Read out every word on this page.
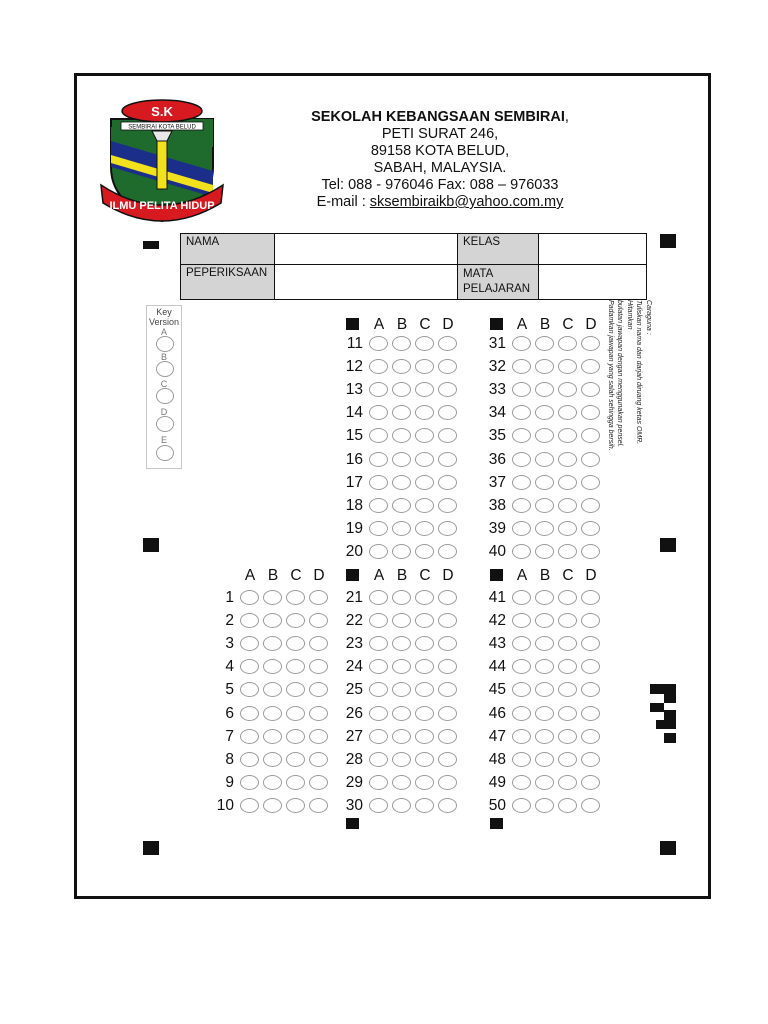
S.K
SEMBIRAI KOTA BELUD
ILMU PELITA HIDUP
SEKOLAH KEBANGSAAN SEMBIRAI,
PETI SURAT 246,
89158 KOTA BELUD,
SABAH, MALAYSIA.
Tel: 088 - 976046 Fax: 088 – 976033
E-mail : sksembiraikb@yahoo.com.my
NAMA		KELAS	
PEPERIKSAAN		MATA
PELAJARAN	

Key
Version
A
B
C
D
E
Caraguna :
Tuliskan nama dan darjah diruang ketas OMR. Hitamkan
bulatan jawapan dengan menggunakan pensel.
Padamkan jawapan yang salah sehingga bersih.
A B C D
1
2
3
4
5
6
7
8
9
10
A B C D
11
12
13
14
15
16
17
18
19
20
A B C D
21
22
23
24
25
26
27
28
29
30
A B C D
31
32
33
34
35
36
37
38
39
40
A B C D
41
42
43
44
45
46
47
48
49
50
